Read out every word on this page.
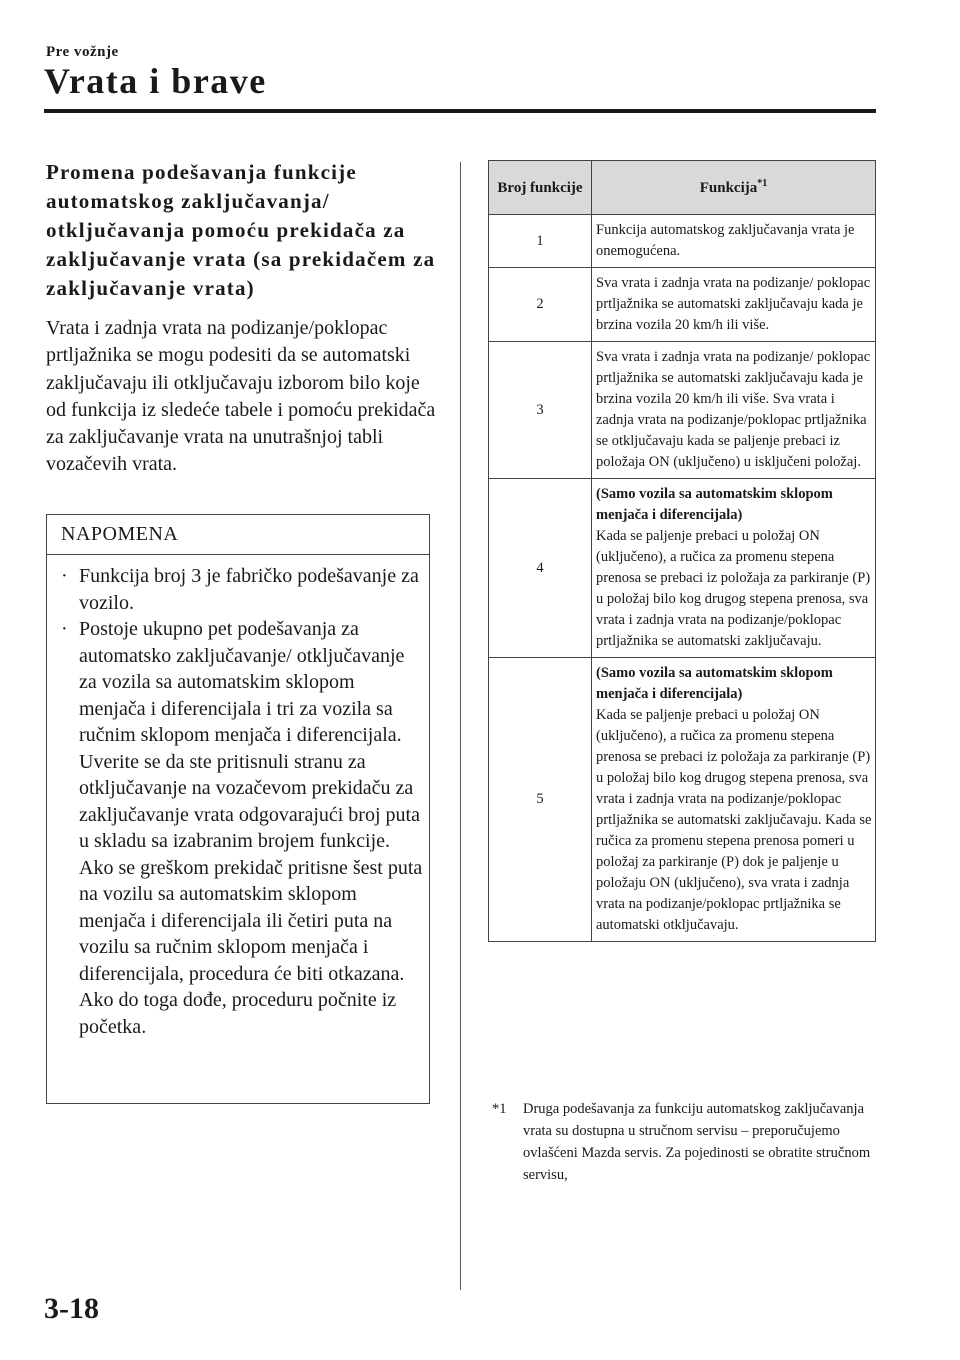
Pre vožnje
Vrata i brave
Promena podešavanja funkcije automatskog zaključavanja/ otključavanja pomoću prekidača za zaključavanje vrata (sa prekidačem za zaključavanje vrata)

Vrata i zadnja vrata na podizanje/poklopac prtljažnika se mogu podesiti da se automatski zaključavaju ili otključavaju izborom bilo koje od funkcija iz sledeće tabele i pomoću prekidača za zaključavanje vrata na unutrašnjoj tabli vozačevih vrata.

NAPOMENA
· Funkcija broj 3 je fabričko podešavanje za vozilo.
· Postoje ukupno pet podešavanja za automatsko zaključavanje/ otključavanje za vozila sa automatskim sklopom menjača i diferencijala i tri za vozila sa ručnim sklopom menjača i diferencijala. Uverite se da ste pritisnuli stranu za otključavanje na vozačevom prekidaču za zaključavanje vrata odgovarajući broj puta u skladu sa izabranim brojem funkcije. Ako se greškom prekidač pritisne šest puta na vozilu sa automatskim sklopom menjača i diferencijala ili četiri puta na vozilu sa ručnim sklopom menjača i diferencijala, procedura će biti otkazana. Ako do toga dođe, proceduru počnite iz početka.
Broj funkcije	Funkcija$^{*1}$
1	Funkcija automatskog zaključavanja vrata je onemogućena.
2	Sva vrata i zadnja vrata na podizanje/ poklopac prtljažnika se automatski zaključavaju kada je brzina vozila 20 km/h ili više.
3	Sva vrata i zadnja vrata na podizanje/ poklopac prtljažnika se automatski zaključavaju kada je brzina vozila 20 km/h ili više. Sva vrata i zadnja vrata na podizanje/poklopac prtljažnika se otključavaju kada se paljenje prebaci iz položaja ON (uključeno) u isključeni položaj.
4	(Samo vozila sa automatskim sklopom menjača i diferencijala)
Kada se paljenje prebaci u položaj ON (uključeno), a ručica za promenu stepena prenosa se prebaci iz položaja za parkiranje (P) u položaj bilo kog drugog stepena prenosa, sva vrata i zadnja vrata na podizanje/poklopac prtljažnika se automatski zaključavaju.

5	(Samo vozila sa automatskim sklopom menjača i diferencijala)
Kada se paljenje prebaci u položaj ON (uključeno), a ručica za promenu stepena prenosa se prebaci iz položaja za parkiranje (P) u položaj bilo kog drugog stepena prenosa, sva vrata i zadnja vrata na podizanje/poklopac prtljažnika se automatski zaključavaju. Kada se ručica za promenu stepena prenosa pomeri u položaj za parkiranje (P) dok je paljenje u položaju ON (uključeno), sva vrata i zadnja vrata na podizanje/poklopac prtljažnika se automatski otključavaju.
*1 Druga podešavanja za funkciju automatskog zaključavanja vrata su dostupna u stručnom servisu – preporučujemo ovlašćeni Mazda servis. Za pojedinosti se obratite stručnom servisu,
3-18
